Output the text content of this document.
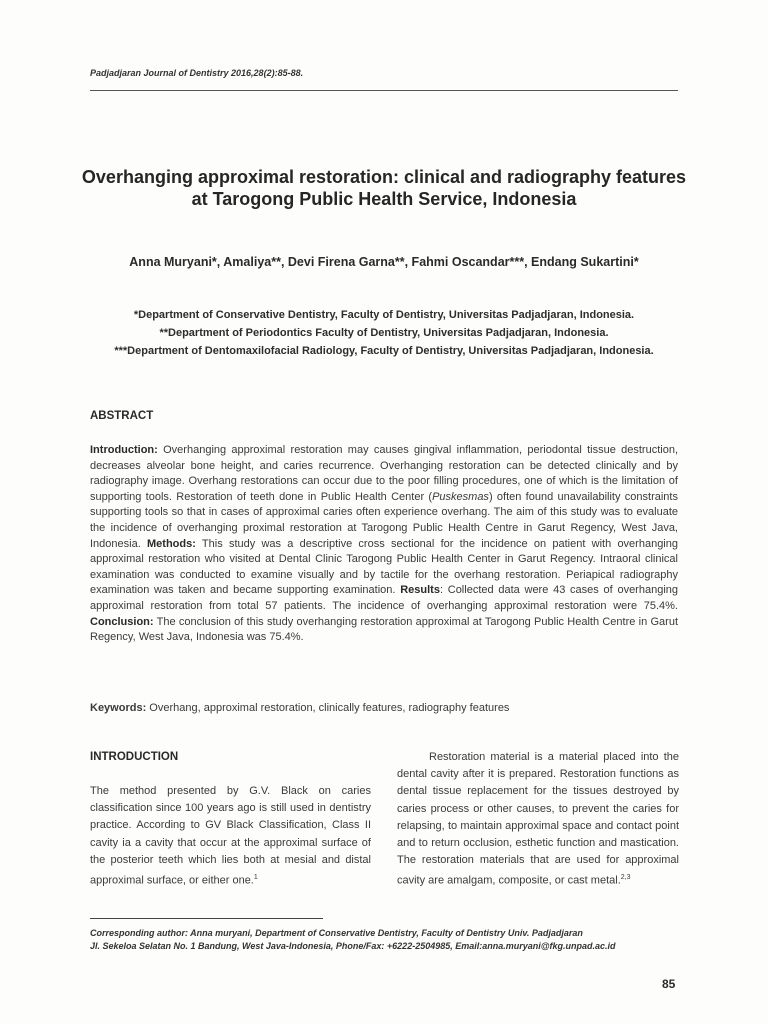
Padjadjaran Journal of Dentistry 2016,28(2):85-88.
Overhanging approximal restoration: clinical and radiography features at Tarogong Public Health Service, Indonesia
Anna Muryani*, Amaliya**, Devi Firena Garna**, Fahmi Oscandar***, Endang Sukartini*
*Department of Conservative Dentistry, Faculty of Dentistry, Universitas Padjadjaran, Indonesia.
**Department of Periodontics Faculty of Dentistry, Universitas Padjadjaran, Indonesia.
***Department of Dentomaxilofacial Radiology, Faculty of Dentistry, Universitas Padjadjaran, Indonesia.
ABSTRACT
Introduction: Overhanging approximal restoration may causes gingival inflammation, periodontal tissue destruction, decreases alveolar bone height, and caries recurrence. Overhanging restoration can be detected clinically and by radiography image. Overhang restorations can occur due to the poor filling procedures, one of which is the limitation of supporting tools. Restoration of teeth done in Public Health Center (Puskesmas) often found unavailability constraints supporting tools so that in cases of approximal caries often experience overhang. The aim of this study was to evaluate the incidence of overhanging proximal restoration at Tarogong Public Health Centre in Garut Regency, West Java, Indonesia. Methods: This study was a descriptive cross sectional for the incidence on patient with overhanging approximal restoration who visited at Dental Clinic Tarogong Public Health Center in Garut Regency. Intraoral clinical examination was conducted to examine visually and by tactile for the overhang restoration. Periapical radiography examination was taken and became supporting examination. Results: Collected data were 43 cases of overhanging approximal restoration from total 57 patients. The incidence of overhanging approximal restoration were 75.4%. Conclusion: The conclusion of this study overhanging restoration approximal at Tarogong Public Health Centre in Garut Regency, West Java, Indonesia was 75.4%.
Keywords: Overhang, approximal restoration, clinically features, radiography features
INTRODUCTION

The method presented by G.V. Black on caries classification since 100 years ago is still used in dentistry practice. According to GV Black Classification, Class II cavity ia a cavity that occur at the approximal surface of the posterior teeth which lies both at mesial and distal approximal surface, or either one.$^1$

Restoration material is a material placed into the dental cavity after it is prepared. Restoration functions as dental tissue replacement for the tissues destroyed by caries process or other causes, to prevent the caries for relapsing, to maintain approximal space and contact point and to return occlusion, esthetic function and mastication. The restoration materials that are used for approximal cavity are amalgam, composite, or cast metal.$^{2,3}$

Corresponding author: Anna muryani, Department of Conservative Dentistry, Faculty of Dentistry Univ. Padjadjaran
Jl. Sekeloa Selatan No. 1 Bandung, West Java-Indonesia, Phone/Fax: +6222-2504985, Email:anna.muryani@fkg.unpad.ac.id
85
